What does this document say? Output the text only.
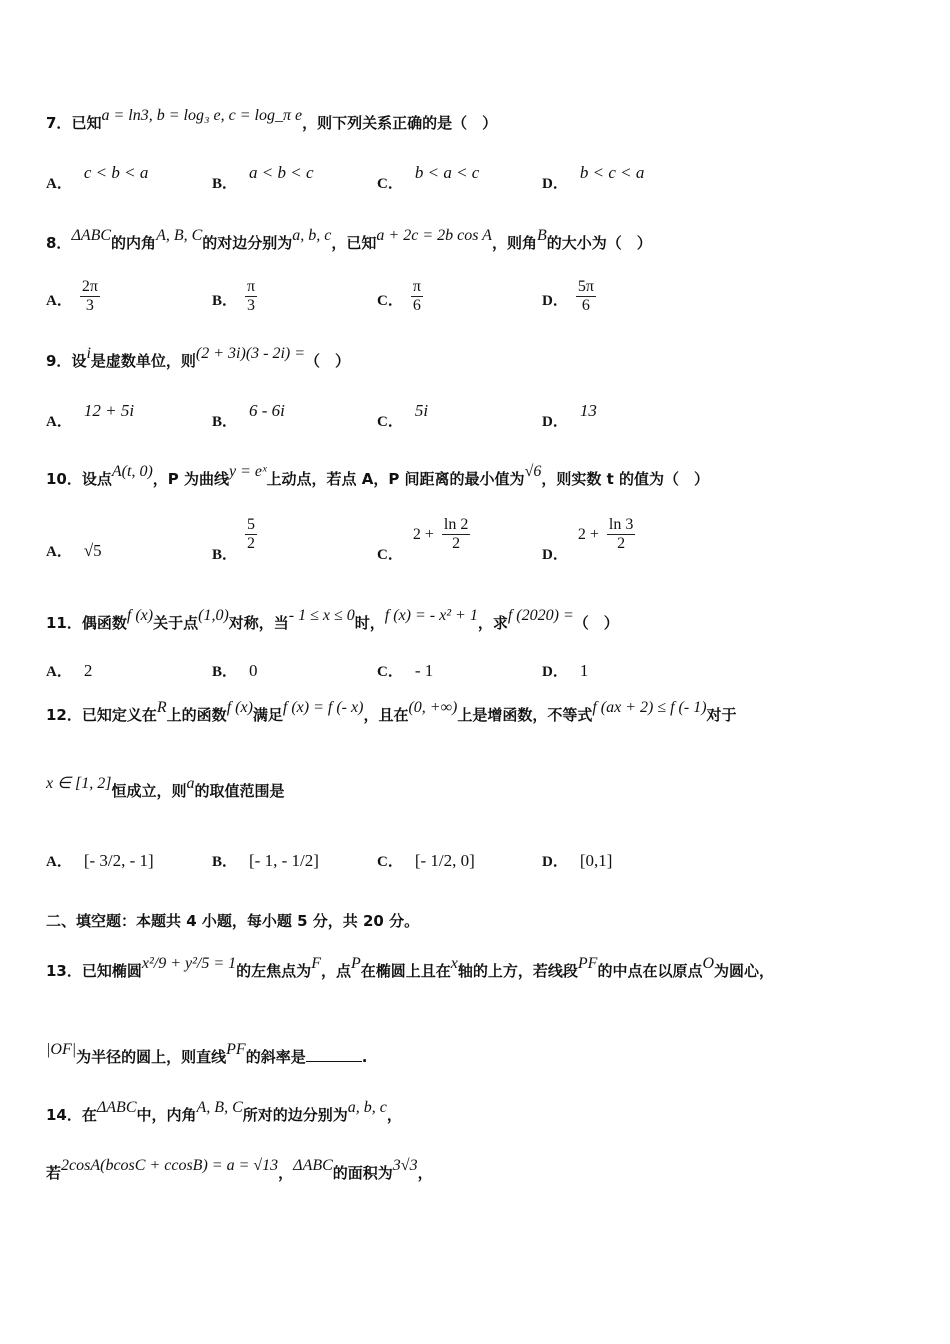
7．已知a = ln3, b = log₃ e, c = log_π e，则下列关系正确的是（　）
A．c < b < a
B．a < b < c
C．b < a < c
D．b < c < a
8．ΔABC的内角A, B, C的对边分别为a, b, c，已知a + 2c = 2b cos A，则角B的大小为（　）
A． $\frac{2\pi}{3}$	B． $\frac{\pi}{3}$	C． $\frac{\pi}{6}$	D． $\frac{5\pi}{6}$
9．设i是虚数单位，则(2 + 3i)(3 - 2i) =（　）
A．12 + 5i
B．6 - 6i
C．5i
D．13
10．设点A(t, 0)，P 为曲线y = eˣ上动点，若点 A，P 间距离的最小值为√6，则实数 t 的值为（　）
A． √5	B．
$\frac{5}{2}$
C．$2 + \frac{\ln 2}{2}$
D．$2 + \frac{\ln 3}{2}$
11．偶函数f (x)关于点(1,0)对称，当- 1 ≤ x ≤ 0时，f (x) = - x² + 1，求f (2020) =（　）
A． 2	B． 0	C． - 1	D． 1
12．已知定义在R上的函数f (x)满足f (x) = f (- x)，且在(0, +∞)上是增函数，不等式f (ax + 2) ≤ f (- 1)对于
x ∈ [1, 2]恒成立，则a的取值范围是
A． [- 3/2, - 1]	B． [- 1, - 1/2]	C． [- 1/2, 0]	D． [0,1]
二、填空题：本题共 4 小题，每小题 5 分，共 20 分。
13．已知椭圆x²/9 + y²/5 = 1的左焦点为F，点P在椭圆上且在x轴的上方，若线段PF的中点在以原点O为圆心，
|OF|为半径的圆上，则直线PF的斜率是	.
14．在ΔABC中，内角A, B, C所对的边分别为a, b, c，
若2cosA(bcosC + ccosB) = a = √13，ΔABC的面积为3√3，
